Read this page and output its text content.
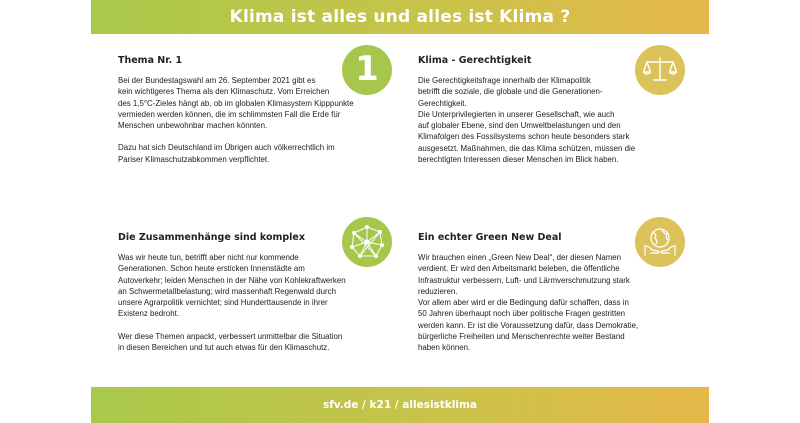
Klima ist alles und alles ist Klima ?
Thema Nr. 1

Bei der Bundestagswahl am 26. September 2021 gibt es
kein wichtigeres Thema als den Klimaschutz. Vom Erreichen
des 1,5°C-Zieles hängt ab, ob im globalen Klimasystem Kipppunkte
vermieden werden können, die im schlimmsten Fall die Erde für
Menschen unbewohnbar machen könnten.

Dazu hat sich Deutschland im Übrigen auch völkerrechtlich im
Pariser Klimaschutzabkommen verpflichtet.

1	Klima - Gerechtigkeit

Die Gerechtigkeitsfrage innerhalb der Klimapolitik
betrifft die soziale, die globale und die Generationen-
Gerechtigkeit.
Die Unterprivilegierten in unserer Gesellschaft, wie auch
auf globaler Ebene, sind den Umweltbelastungen und den
Klimafolgen des Fossilsystems schon heute besonders stark
ausgesetzt. Maßnahmen, die das Klima schützen, müssen die
berechtigten Interessen dieser Menschen im Blick haben.

Die Zusammenhänge sind komplex

Was wir heute tun, betrifft aber nicht nur kommende
Generationen. Schon heute ersticken Innenstädte am
Autoverkehr; leiden Menschen in der Nähe von Kohlekraftwerken
an Schwermetallbelastung; wird massenhaft Regenwald durch
unsere Agrarpolitik vernichtet; sind Hunderttausende in ihrer
Existenz bedroht.

Wer diese Themen anpackt, verbessert unmittelbar die Situation
in diesen Bereichen und tut auch etwas für den Klimaschutz.

Ein echter Green New Deal

Wir brauchen einen „Green New Deal“, der diesen Namen
verdient. Er wird den Arbeitsmarkt beleben, die öffentliche
Infrastruktur verbessern, Luft- und Lärmverschmutzung stark
reduzieren.
Vor allem aber wird er die Bedingung dafür schaffen, dass in
50 Jahren überhaupt noch über politische Fragen gestritten
werden kann. Er ist die Voraussetzung dafür, dass Demokratie,
bürgerliche Freiheiten und Menschenrechte weiter Bestand
haben können.

sfv.de / k21 / allesistklima
